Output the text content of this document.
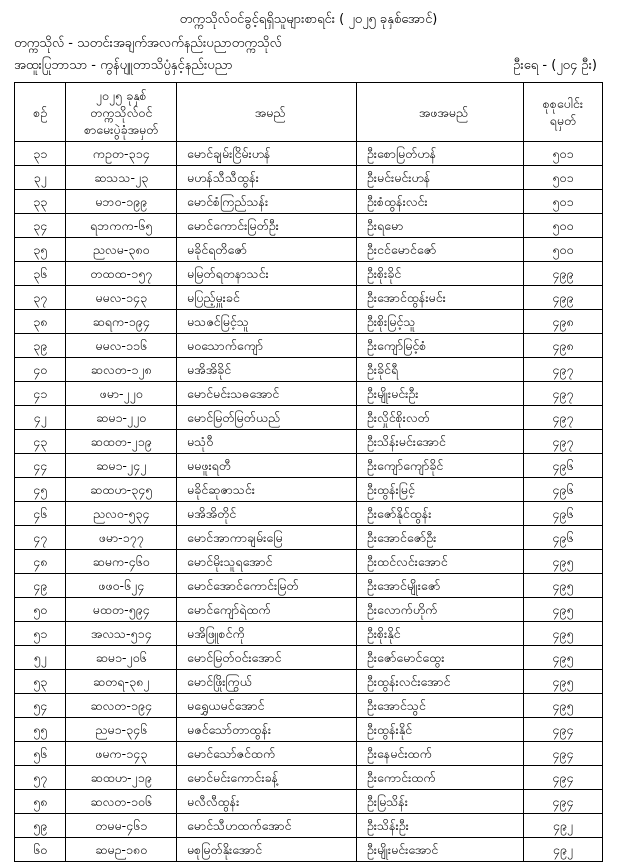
တက္ကသိုလ်ဝင်ခွင့်ရရှိသူများစာရင်း ( ၂၀၂၅ ခုနှစ်အောင်)
တက္ကသိုလ် - သတင်းအချက်အလက်နည်းပညာတက္ကသိုလ်
အထူးပြုဘာသာ - ကွန်ပျူတာသိပ္ပံနှင့်နည်းပညာ	ဦးရေ - (၂၀၄ ဦး)
စဉ်	၂၀၂၅ ခုနှစ်
တက္ကသိုလ်ဝင်
စာမေးပွဲခုံအမှတ်	အမည်	အဖအမည်	စုစုပေါင်း
ရမှတ်

၃၁	ကဥတ-၃၁၄	မောင်ချမ်းငြိမ်းဟန်	ဦးစောမြတ်ဟန်	၅၀၁
၃၂	ဆသသ-၂၃	မဟန်သီသီထွန်း	ဦးမင်းမင်းဟန်	၅၀၁
၃၃	မဘ၀-၁၉၉	မောင်စံကြည်သန်း	ဦးစံထွန်းလင်း	၅၀၁
၃၄	ရဘကက-၆၅	မောင်ကောင်းမြတ်ဦး	ဦးရမော	၅၀၀
၃၅	ညလမ-၃၈၀	မခိုင်ရတိဇော်	ဦးငင်မောင်ဇော်	၅၀၀
၃၆	တထထ-၁၅၇	မမြတ်ရတနာသင်း	ဦးစိုးခိုင်	၄၉၉
၃၇	မမလ-၁၄၃	မပြည့်မှူးခင်	ဦးအောင်ထွန်းမင်း	၄၉၉
၃၈	ဆရက-၁၉၄	မသဇင်မြင့်သူ	ဦးစိုးမြင့်သူ	၄၉၈
၃၉	မမလ-၁၁၆	မဝသောက်ကျော်	ဦးကျော်မြင့်စံ	၄၉၈
၄၀	ဆလတ-၁၂၈	မအိအိခိုင်	ဦးခိုင်ရီ	၄၉၇
၄၁	ဖမာ-၂၂၀	မောင်မင်းသဓအောင်	ဦးမျိုးမင်းဦး	၄၉၇
၄၂	ဆမ၁-၂၂၀	မောင်မြတ်မြတ်ယည်	ဦးလှိုင်စိုးလတ်	၄၉၇
၄၃	ဆထတ-၂၁၉	မသုံဝီ	ဦးသိန်းမင်းအောင်	၄၉၇
၄၄	ဆမ၁-၂၄၂	မမဖူးရတီ	ဦးကျော်ကျော်ခိုင်	၄၉၆
၄၅	ဆထဟ-၃၄၅	မခိုင်ဆုဇာသင်း	ဦးထွန်းမြင့်	၄၉၆
၄၆	ညလဝ-၅၃၄	မအိအိတိုင်	ဦးဇော်နိုင်ထွန်း	၄၉၆
၄၇	ဖမာ-၁၇၇	မောင်အာကာချမ်းမြေ	ဦးအောင်ဇော်ဦး	၄၉၆
၄၈	ဆမက-၄၆၀	မောင်မိုးသူရအောင်	ဦးထင်လင်းအောင်	၄၉၅
၄၉	ဖဖဝ-၆၂၄	မောင်အောင်ကောင်းမြတ်	ဦးအောင်မျိုးဇော်	၄၉၅
၅၀	မထတ-၅၉၄	မောင်ကျော်ရဲထက်	ဦးလောက်ဟိုက်	၄၉၅
၅၁	အလသ-၅၁၄	မအိဖြူစင်ကို	ဦးစိုးနိုင်	၄၉၅
၅၂	ဆမ၁-၂၀၆	မောင်မြတ်ဝင်းအောင်	ဦးဇော်မောင်ထွေး	၄၉၅
၅၃	ဆတရ-၃၈၂	မောင်ဖြိုးကြွယ်	ဦးထွန်းလင်းအောင်	၄၉၅
၅၄	ဆလတ-၁၉၄	မရွှေယမင်အောင်	ဦးအောင်သွင်	၄၉၅
၅၅	ညမ၁-၃၄၆	မဇင်သော်တာထွန်း	ဦးထွန်းနိုင်	၄၉၄
၅၆	ဖမက-၁၄၃	မောင်သော်ဇင်ထက်	ဦးနေမင်းထက်	၄၉၄
၅၇	ဆထဟ-၂၁၉	မောင်မင်းကောင်းခန့်	ဦးကောင်းထက်	၄၉၄
၅၈	ဆလတ-၁၀၆	မလီလီထွန်း	ဦးမြသိန်း	၄၉၄
၅၉	တမမ-၄၆၁	မောင်သီဟထက်အောင်	ဦးသိန်းဦး	၄၉၂
၆၀	ဆမဉ-၁၈၀	မစုမြတ်နိုးအောင်	ဦးမျိုးမင်းအောင်	၄၉၂
